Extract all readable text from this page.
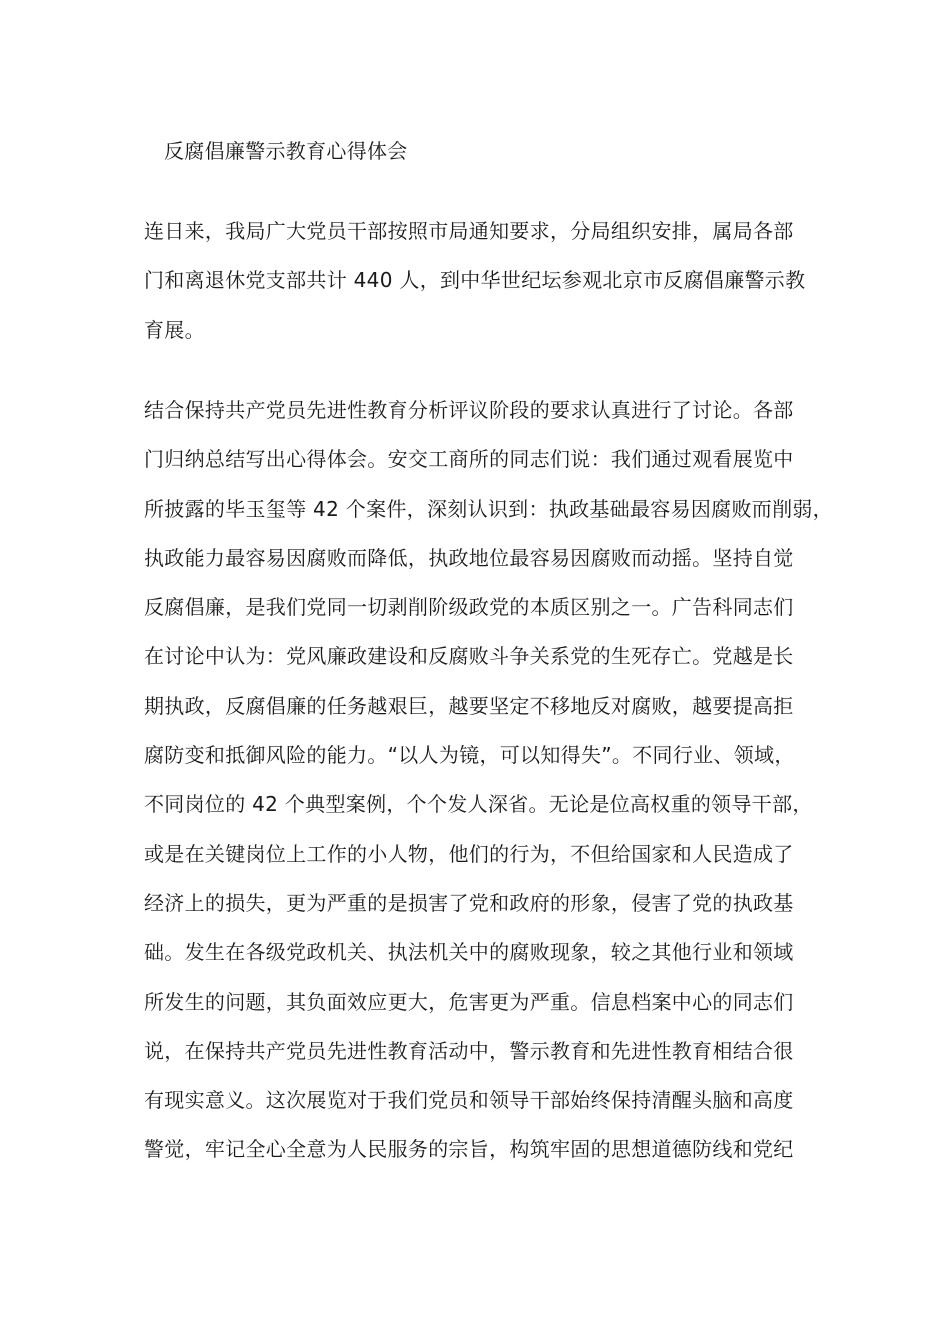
反腐倡廉警示教育心得体会

连日来，我局广大党员干部按照市局通知要求，分局组织安排，属局各部
门和离退休党支部共计 440 人，到中华世纪坛参观北京市反腐倡廉警示教
育展。

结合保持共产党员先进性教育分析评议阶段的要求认真进行了讨论。各部
门归纳总结写出心得体会。安交工商所的同志们说：我们通过观看展览中
所披露的毕玉玺等 42 个案件，深刻认识到：执政基础最容易因腐败而削弱，
执政能力最容易因腐败而降低，执政地位最容易因腐败而动摇。坚持自觉
反腐倡廉，是我们党同一切剥削阶级政党的本质区别之一。广告科同志们
在讨论中认为：党风廉政建设和反腐败斗争关系党的生死存亡。党越是长
期执政，反腐倡廉的任务越艰巨，越要坚定不移地反对腐败，越要提高拒
腐防变和抵御风险的能力。“以人为镜，可以知得失”。不同行业、领域，
不同岗位的 42 个典型案例，个个发人深省。无论是位高权重的领导干部，
或是在关键岗位上工作的小人物，他们的行为，不但给国家和人民造成了
经济上的损失，更为严重的是损害了党和政府的形象，侵害了党的执政基
础。发生在各级党政机关、执法机关中的腐败现象，较之其他行业和领域
所发生的问题，其负面效应更大，危害更为严重。信息档案中心的同志们
说，在保持共产党员先进性教育活动中，警示教育和先进性教育相结合很
有现实意义。这次展览对于我们党员和领导干部始终保持清醒头脑和高度
警觉，牢记全心全意为人民服务的宗旨，构筑牢固的思想道德防线和党纪
